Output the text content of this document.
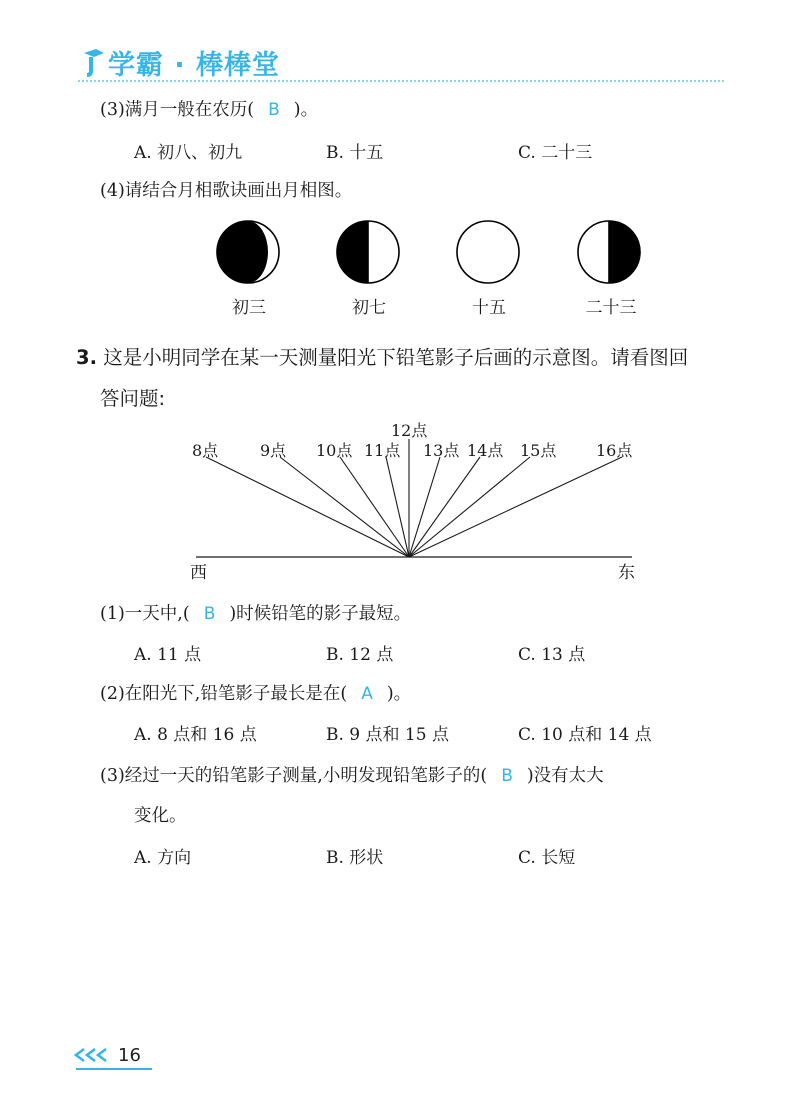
学霸 · 棒棒堂
(3)满月一般在农历( B )。
A. 初八、初九	B. 十五	C. 二十三
(4)请结合月相歌诀画出月相图。
初三	初七	十五	二十三
3. 这是小明同学在某一天测量阳光下铅笔影子后画的示意图。请看图回
答问题:
8点	9点 10点 11点
12点
13点 14点 15点 16点
西	东
(1)一天中,( B )时候铅笔的影子最短。
A. 11 点	B. 12 点	C. 13 点
(2)在阳光下,铅笔影子最长是在( A )。
A. 8 点和 16 点	B. 9 点和 15 点	C. 10 点和 14 点
(3)经过一天的铅笔影子测量,小明发现铅笔影子的( B )没有太大
变化。
A. 方向	B. 形状	C. 长短
16
